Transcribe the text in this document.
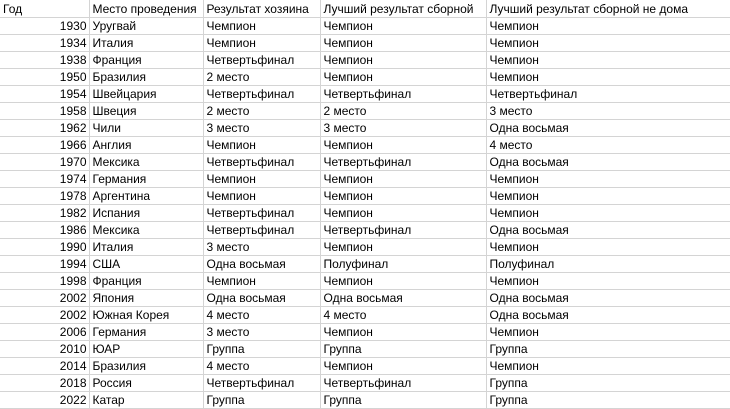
Год	Место проведения	Результат хозяина	Лучший результат сборной	Лучший результат сборной не дома
1930	Уругвай	Чемпион	Чемпион	Чемпион
1934	Италия	Чемпион	Чемпион	Чемпион
1938	Франция	Четвертьфинал	Чемпион	Чемпион
1950	Бразилия	2 место	Чемпион	Чемпион
1954	Швейцария	Четвертьфинал	Четвертьфинал	Четвертьфинал
1958	Швеция	2 место	2 место	3 место
1962	Чили	3 место	3 место	Одна восьмая
1966	Англия	Чемпион	Чемпион	4 место
1970	Мексика	Четвертьфинал	Четвертьфинал	Одна восьмая
1974	Германия	Чемпион	Чемпион	Чемпион
1978	Аргентина	Чемпион	Чемпион	Чемпион
1982	Испания	Четвертьфинал	Чемпион	Чемпион
1986	Мексика	Четвертьфинал	Четвертьфинал	Одна восьмая
1990	Италия	3 место	Чемпион	Чемпион
1994	США	Одна восьмая	Полуфинал	Полуфинал
1998	Франция	Чемпион	Чемпион	Чемпион
2002	Япония	Одна восьмая	Одна восьмая	Одна восьмая
2002	Южная Корея	4 место	4 место	Одна восьмая
2006	Германия	3 место	Чемпион	Чемпион
2010	ЮАР	Группа	Группа	Группа
2014	Бразилия	4 место	Чемпион	Чемпион
2018	Россия	Четвертьфинал	Четвертьфинал	Группа
2022	Катар	Группа	Группа	Группа
